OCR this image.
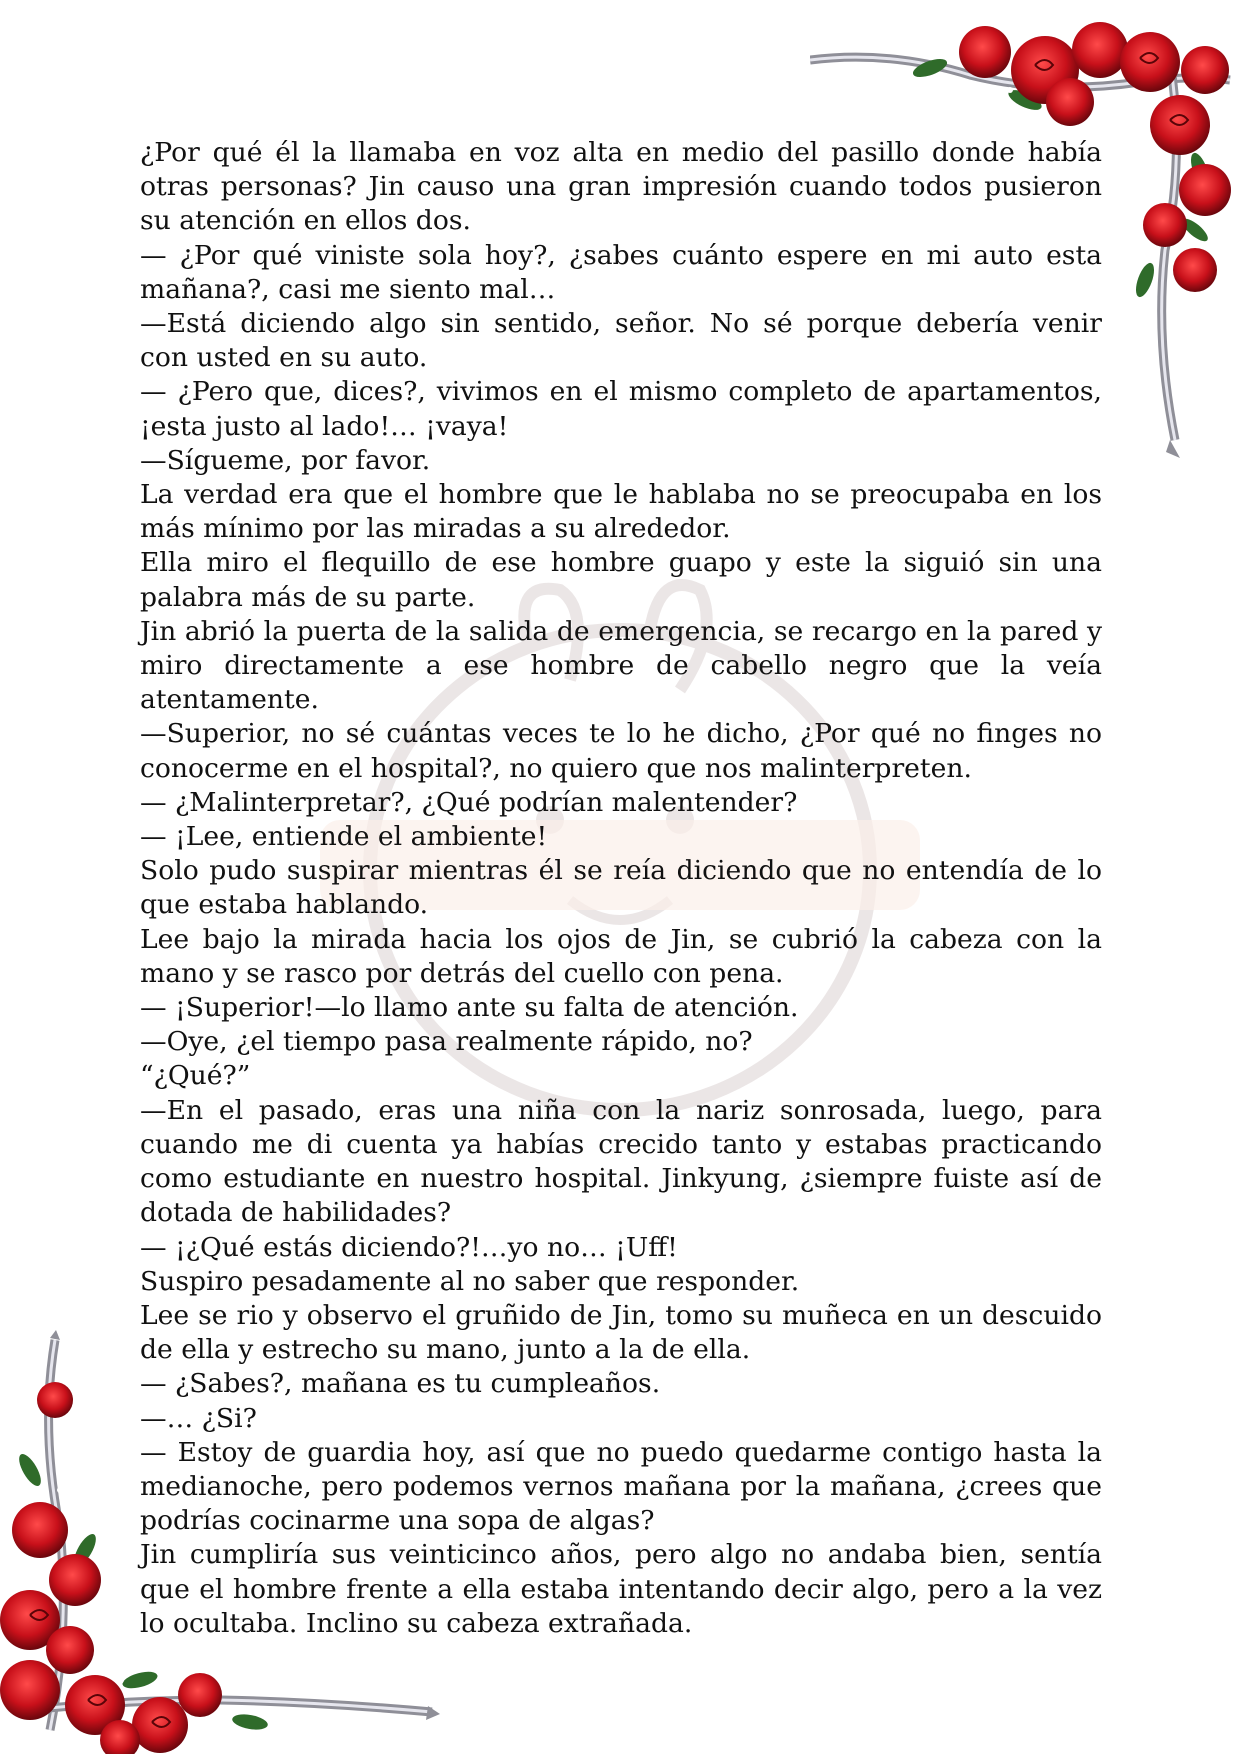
¿Por qué él la llamaba en voz alta en medio del pasillo donde había otras personas? Jin causo una gran impresión cuando todos pusieron su atención en ellos dos.

— ¿Por qué viniste sola hoy?, ¿sabes cuánto espere en mi auto esta mañana?, casi me siento mal…

—Está diciendo algo sin sentido, señor. No sé porque debería venir con usted en su auto.

— ¿Pero que, dices?, vivimos en el mismo completo de apartamentos, ¡esta justo al lado!… ¡vaya!

—Sígueme, por favor.

La verdad era que el hombre que le hablaba no se preocupaba en los más mínimo por las miradas a su alrededor.

Ella miro el flequillo de ese hombre guapo y este la siguió sin una palabra más de su parte.

Jin abrió la puerta de la salida de emergencia, se recargo en la pared y miro directamente a ese hombre de cabello negro que la veía atentamente.

—Superior, no sé cuántas veces te lo he dicho, ¿Por qué no finges no conocerme en el hospital?, no quiero que nos malinterpreten.

— ¿Malinterpretar?, ¿Qué podrían malentender?

— ¡Lee, entiende el ambiente!

Solo pudo suspirar mientras él se reía diciendo que no entendía de lo que estaba hablando.

Lee bajo la mirada hacia los ojos de Jin, se cubrió la cabeza con la mano y se rasco por detrás del cuello con pena.

— ¡Superior!—lo llamo ante su falta de atención.

—Oye, ¿el tiempo pasa realmente rápido, no?

“¿Qué?”

—En el pasado, eras una niña con la nariz sonrosada, luego, para cuando me di cuenta ya habías crecido tanto y estabas practicando como estudiante en nuestro hospital. Jinkyung, ¿siempre fuiste así de dotada de habilidades?

— ¡¿Qué estás diciendo?!…yo no… ¡Uff!

Suspiro pesadamente al no saber que responder.

Lee se rio y observo el gruñido de Jin, tomo su muñeca en un descuido de ella y estrecho su mano, junto a la de ella.

— ¿Sabes?, mañana es tu cumpleaños.

—… ¿Si?

— Estoy de guardia hoy, así que no puedo quedarme contigo hasta la medianoche, pero podemos vernos mañana por la mañana, ¿crees que podrías cocinarme una sopa de algas?

Jin cumpliría sus veinticinco años, pero algo no andaba bien, sentía que el hombre frente a ella estaba intentando decir algo, pero a la vez lo ocultaba. Inclino su cabeza extrañada.
